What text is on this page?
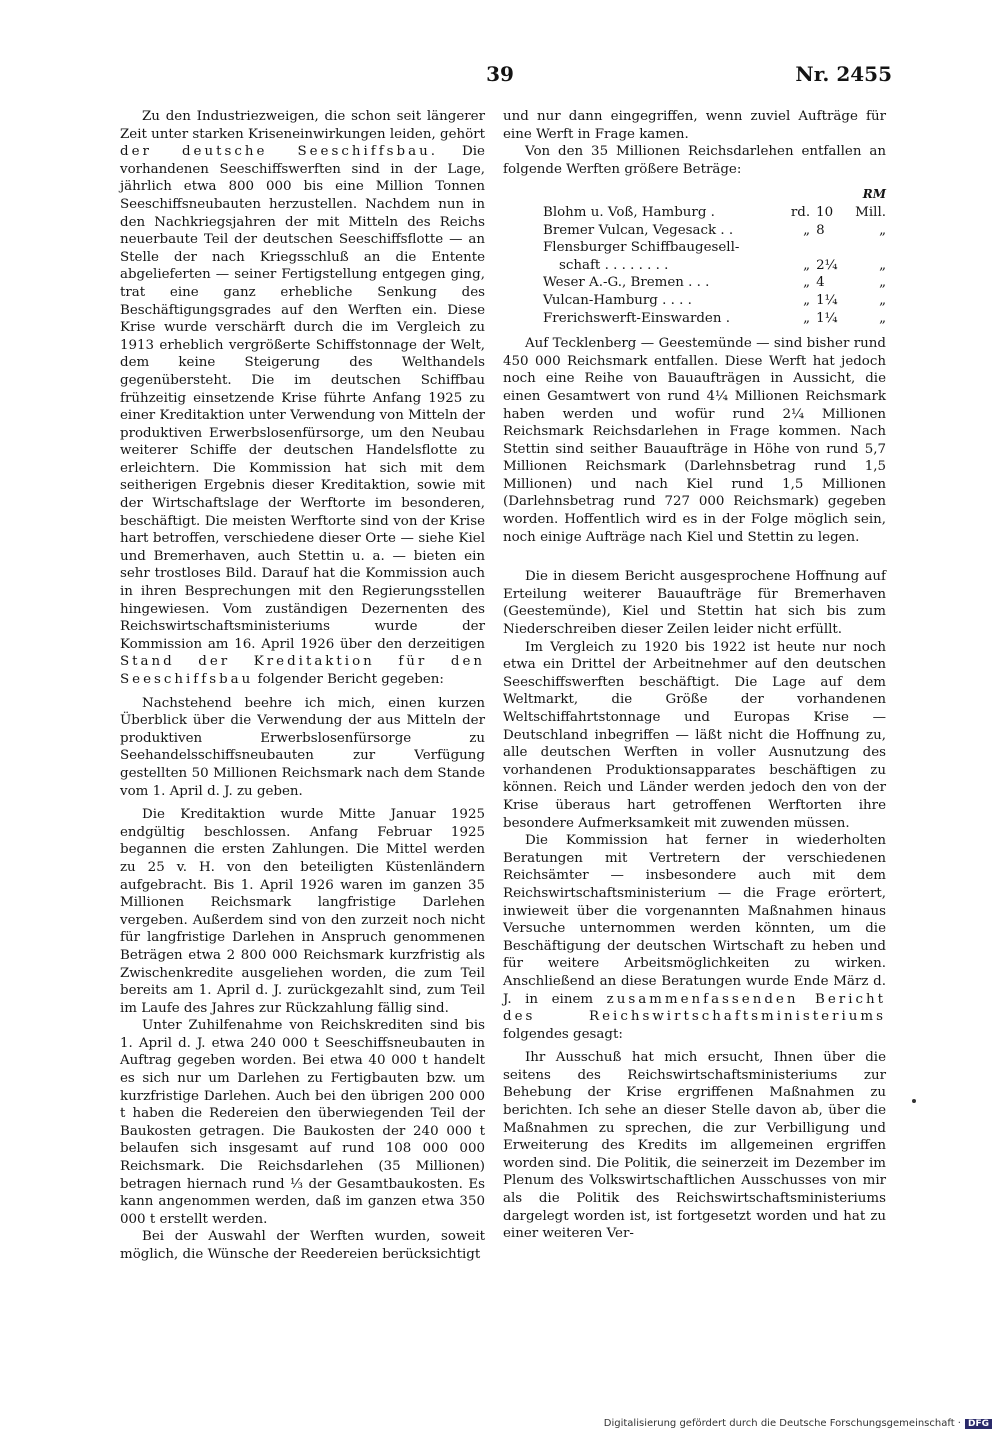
39	Nr. 2455

Zu den Industriezweigen, die schon seit längerer Zeit unter starken Kriseneinwirkungen leiden, gehört der deutsche Seeschiffsbau. Die vorhandenen Seeschiffswerften sind in der Lage, jährlich etwa 800 000 bis eine Million Tonnen Seeschiffsneubauten herzustellen. Nachdem nun in den Nachkriegsjahren der mit Mitteln des Reichs neuerbaute Teil der deutschen Seeschiffsflotte — an Stelle der nach Kriegsschluß an die Entente abgelieferten — seiner Fertigstellung entgegen ging, trat eine ganz erhebliche Senkung des Beschäftigungsgrades auf den Werften ein. Diese Krise wurde verschärft durch die im Vergleich zu 1913 erheblich vergrößerte Schiffstonnage der Welt, dem keine Steigerung des Welthandels gegenübersteht. Die im deutschen Schiffbau frühzeitig einsetzende Krise führte Anfang 1925 zu einer Kreditaktion unter Verwendung von Mitteln der produktiven Erwerbslosenfürsorge, um den Neubau weiterer Schiffe der deutschen Handelsflotte zu erleichtern. Die Kommission hat sich mit dem seitherigen Ergebnis dieser Kreditaktion, sowie mit der Wirtschaftslage der Werftorte im besonderen, beschäftigt. Die meisten Werftorte sind von der Krise hart betroffen, verschiedene dieser Orte — siehe Kiel und Bremerhaven, auch Stettin u. a. — bieten ein sehr trostloses Bild. Darauf hat die Kommission auch in ihren Besprechungen mit den Regierungsstellen hingewiesen. Vom zuständigen Dezernenten des Reichswirtschaftsministeriums wurde der Kommission am 16. April 1926 über den derzeitigen Stand der Kreditaktion für den Seeschiffsbau folgender Bericht gegeben:

Nachstehend beehre ich mich, einen kurzen Überblick über die Verwendung der aus Mitteln der produktiven Erwerbslosenfürsorge zu Seehandelsschiffsneubauten zur Verfügung gestellten 50 Millionen Reichsmark nach dem Stande vom 1. April d. J. zu geben.

Die Kreditaktion wurde Mitte Januar 1925 endgültig beschlossen. Anfang Februar 1925 begannen die ersten Zahlungen. Die Mittel werden zu 25 v. H. von den beteiligten Küstenländern aufgebracht. Bis 1. April 1926 waren im ganzen 35 Millionen Reichsmark langfristige Darlehen vergeben. Außerdem sind von den zurzeit noch nicht für langfristige Darlehen in Anspruch genommenen Beträgen etwa 2 800 000 Reichsmark kurzfristig als Zwischenkredite ausgeliehen worden, die zum Teil bereits am 1. April d. J. zurückgezahlt sind, zum Teil im Laufe des Jahres zur Rückzahlung fällig sind.

Unter Zuhilfenahme von Reichskrediten sind bis 1. April d. J. etwa 240 000 t Seeschiffsneubauten in Auftrag gegeben worden. Bei etwa 40 000 t handelt es sich nur um Darlehen zu Fertigbauten bzw. um kurzfristige Darlehen. Auch bei den übrigen 200 000 t haben die Redereien den überwiegenden Teil der Baukosten getragen. Die Baukosten der 240 000 t belaufen sich insgesamt auf rund 108 000 000 Reichsmark. Die Reichsdarlehen (35 Millionen) betragen hiernach rund ⅓ der Gesamtbaukosten. Es kann angenommen werden, daß im ganzen etwa 350 000 t erstellt werden.

Bei der Auswahl der Werften wurden, soweit möglich, die Wünsche der Reedereien berücksichtigt

und nur dann eingegriffen, wenn zuviel Aufträge für eine Werft in Frage kamen.

Von den 35 Millionen Reichsdarlehen entfallen an folgende Werften größere Beträge:

			RM
Blohm u. Voß, Hamburg .	rd.	10	Mill.
Bremer Vulcan, Vegesack . .	„	8	„
Flensburger Schiffbaugesell-			
schaft . . . . . . . .	„	2¼	„
Weser A.-G., Bremen . . .	„	4	„
Vulcan-Hamburg . . . .	„	1¼	„
Frerichswerft-Einswarden .	„	1¼	„

Auf Tecklenberg — Geestemünde — sind bisher rund 450 000 Reichsmark entfallen. Diese Werft hat jedoch noch eine Reihe von Bauaufträgen in Aussicht, die einen Gesamtwert von rund 4¼ Millionen Reichsmark haben werden und wofür rund 2¼ Millionen Reichsmark Reichsdarlehen in Frage kommen. Nach Stettin sind seither Bauaufträge in Höhe von rund 5,7 Millionen Reichsmark (Darlehnsbetrag rund 1,5 Millionen) und nach Kiel rund 1,5 Millionen (Darlehnsbetrag rund 727 000 Reichsmark) gegeben worden. Hoffentlich wird es in der Folge möglich sein, noch einige Aufträge nach Kiel und Stettin zu legen.

Die in diesem Bericht ausgesprochene Hoffnung auf Erteilung weiterer Bauaufträge für Bremerhaven (Geestemünde), Kiel und Stettin hat sich bis zum Niederschreiben dieser Zeilen leider nicht erfüllt.

Im Vergleich zu 1920 bis 1922 ist heute nur noch etwa ein Drittel der Arbeitnehmer auf den deutschen Seeschiffswerften beschäftigt. Die Lage auf dem Weltmarkt, die Größe der vorhandenen Weltschiffahrtstonnage und Europas Krise — Deutschland inbegriffen — läßt nicht die Hoffnung zu, alle deutschen Werften in voller Ausnutzung des vorhandenen Produktionsapparates beschäftigen zu können. Reich und Länder werden jedoch den von der Krise überaus hart getroffenen Werftorten ihre besondere Aufmerksamkeit mit zuwenden müssen.

Die Kommission hat ferner in wiederholten Beratungen mit Vertretern der verschiedenen Reichsämter — insbesondere auch mit dem Reichswirtschaftsministerium — die Frage erörtert, inwieweit über die vorgenannten Maßnahmen hinaus Versuche unternommen werden könnten, um die Beschäftigung der deutschen Wirtschaft zu heben und für weitere Arbeitsmöglichkeiten zu wirken. Anschließend an diese Beratungen wurde Ende März d. J. in einem zusammenfassenden Bericht des Reichswirtschaftsministeriums folgendes gesagt:

Ihr Ausschuß hat mich ersucht, Ihnen über die seitens des Reichswirtschaftsministeriums zur Behebung der Krise ergriffenen Maßnahmen zu berichten. Ich sehe an dieser Stelle davon ab, über die Maßnahmen zu sprechen, die zur Verbilligung und Erweiterung des Kredits im allgemeinen ergriffen worden sind. Die Politik, die seinerzeit im Dezember im Plenum des Volkswirtschaftlichen Ausschusses von mir als die Politik des Reichswirtschaftsministeriums dargelegt worden ist, ist fortgesetzt worden und hat zu einer weiteren Ver-

Digitalisierung gefördert durch die Deutsche Forschungsgemeinschaft · DFG
